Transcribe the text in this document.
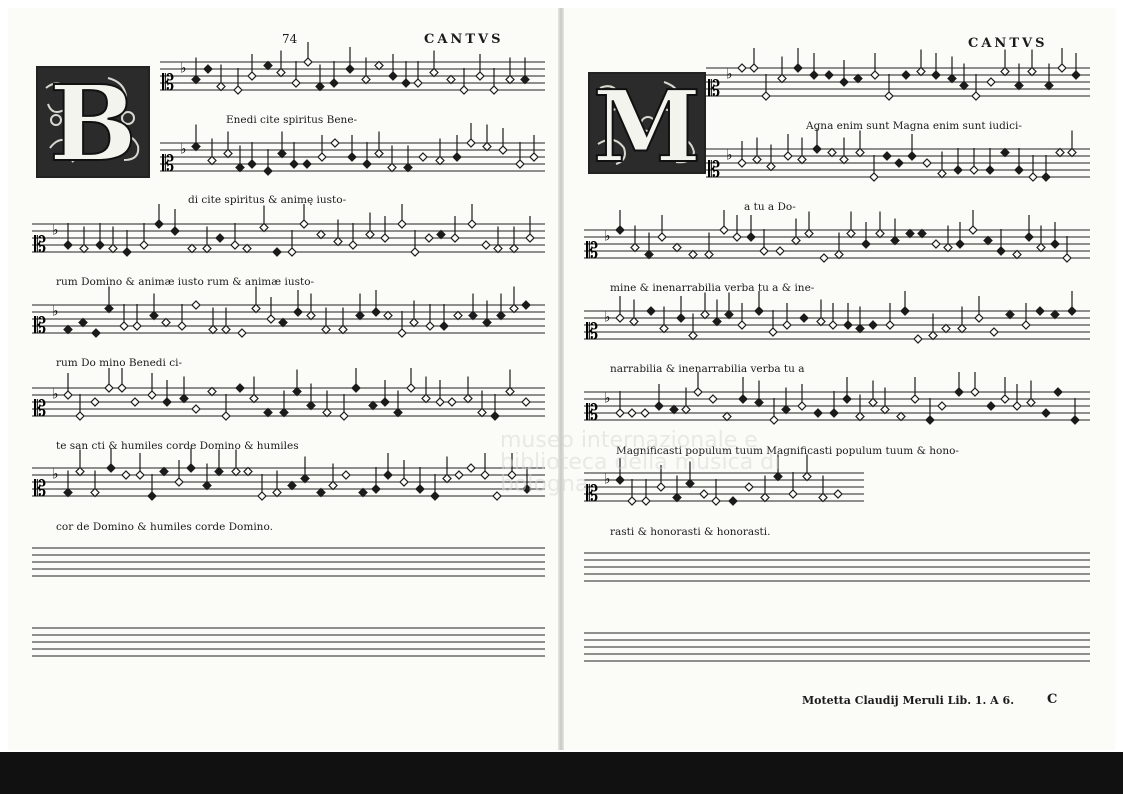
74	CANTVS
B
CANTVS
M
𝄡
♭
𝄡
♭
𝄡
♭
𝄡
♭
𝄡
♭
𝄡
♭
𝄡
♭
𝄡
♭
𝄡
♭
𝄡
♭
𝄡
♭
𝄡
♭
Enedi cite spiritus Bene-
di cite spiritus & animę iusto-
rum Domino & animæ iusto rum & animæ iusto-
rum Do mino Benedi ci-
te san cti & humiles corde Domino & humiles
cor de Domino & humiles corde Domino.
Agna enim sunt Magna enim sunt iudici-
a tu a Do-
mine & inenarrabilia verba tu a & ine-
narrabilia & inenarrabilia verba tu a
Magnificasti populum tuum Magnificasti populum tuum & hono-
rasti & honorasti & honorasti.
Motetta Claudij Meruli Lib. 1. A 6.	C
museo internazionale e biblioteca della musica di bologna
